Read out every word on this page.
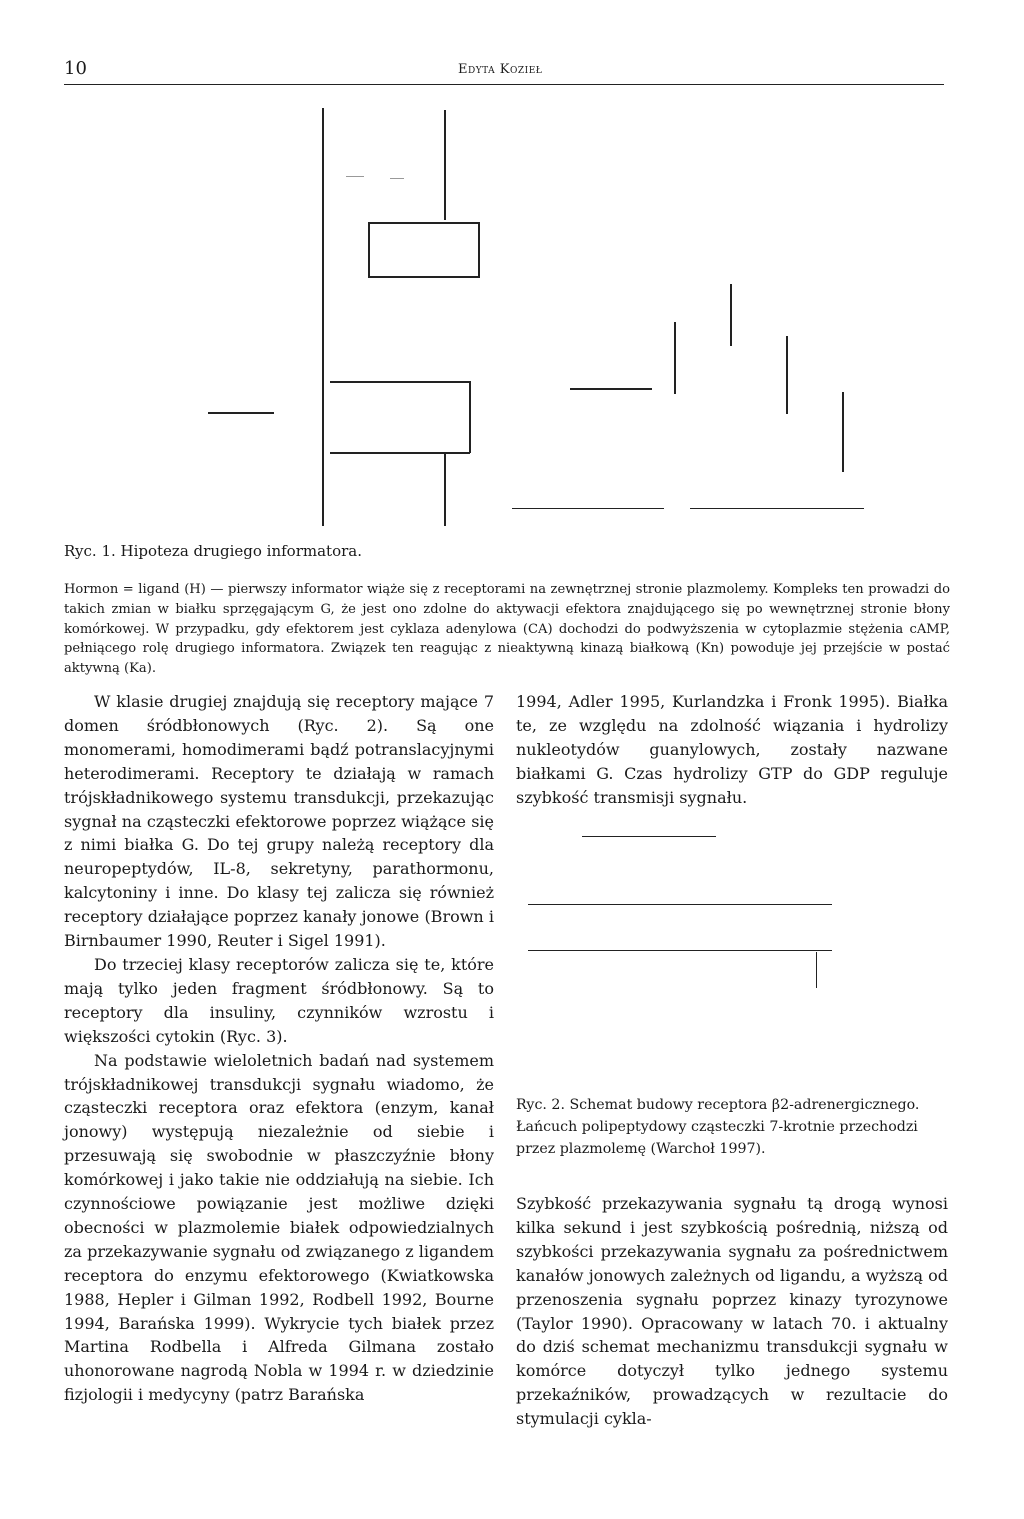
10	Edyta Kozieł
Ryc. 1. Hipoteza drugiego informatora.
Hormon = ligand (H) — pierwszy informator wiąże się z receptorami na zewnętrznej stronie plazmolemy. Kompleks ten prowadzi do takich zmian w białku sprzęgającym G, że jest ono zdolne do aktywacji efektora znajdującego się po wewnętrznej stronie błony komórkowej. W przypadku, gdy efektorem jest cyklaza adenylowa (CA) dochodzi do podwyższenia w cytoplazmie stężenia cAMP, pełniącego rolę drugiego informatora. Związek ten reagując z nieaktywną kinazą białkową (Kn) powoduje jej przejście w postać aktywną (Ka).

W klasie drugiej znajdują się receptory mające 7 domen śródbłonowych (Ryc. 2). Są one monomerami, homodimerami bądź potranslacyjnymi heterodimerami. Receptory te działają w ramach trójskładnikowego systemu transdukcji, przekazując sygnał na cząsteczki efektorowe poprzez wiążące się z nimi białka G. Do tej grupy należą receptory dla neuropeptydów, IL-8, sekretyny, parathormonu, kalcytoniny i inne. Do klasy tej zalicza się również receptory działające poprzez kanały jonowe (Brown i Birnbaumer 1990, Reuter i Sigel 1991).

Do trzeciej klasy receptorów zalicza się te, które mają tylko jeden fragment śródbłonowy. Są to receptory dla insuliny, czynników wzrostu i większości cytokin (Ryc. 3).

Na podstawie wieloletnich badań nad systemem trójskładnikowej transdukcji sygnału wiadomo, że cząsteczki receptora oraz efektora (enzym, kanał jonowy) występują niezależnie od siebie i przesuwają się swobodnie w płaszczyźnie błony komórkowej i jako takie nie oddziałują na siebie. Ich czynnościowe powiązanie jest możliwe dzięki obecności w plazmolemie białek odpowiedzialnych za przekazywanie sygnału od związanego z ligandem receptora do enzymu efektorowego (Kwiatkowska 1988, Hepler i Gilman 1992, Rodbell 1992, Bourne 1994, Barańska 1999). Wykrycie tych białek przez Martina Rodbella i Alfreda Gilmana zostało uhonorowane nagrodą Nobla w 1994 r. w dziedzinie fizjologii i medycyny (patrz Barańska

1994, Adler 1995, Kurlandzka i Fronk 1995). Białka te, ze względu na zdolność wiązania i hydrolizy nukleotydów guanylowych, zostały nazwane białkami G. Czas hydrolizy GTP do GDP reguluje szybkość transmisji sygnału.

Ryc. 2. Schemat budowy receptora β2-adrenergicznego. Łańcuch polipeptydowy cząsteczki 7-krotnie przechodzi przez plazmolemę (Warchoł 1997).

Szybkość przekazywania sygnału tą drogą wynosi kilka sekund i jest szybkością pośrednią, niższą od szybkości przekazywania sygnału za pośrednictwem kanałów jonowych zależnych od ligandu, a wyższą od przenoszenia sygnału poprzez kinazy tyrozynowe (Taylor 1990). Opracowany w latach 70. i aktualny do dziś schemat mechanizmu transdukcji sygnału w komórce dotyczył tylko jednego systemu przekaźników, prowadzących w rezultacie do stymulacji cykla-
